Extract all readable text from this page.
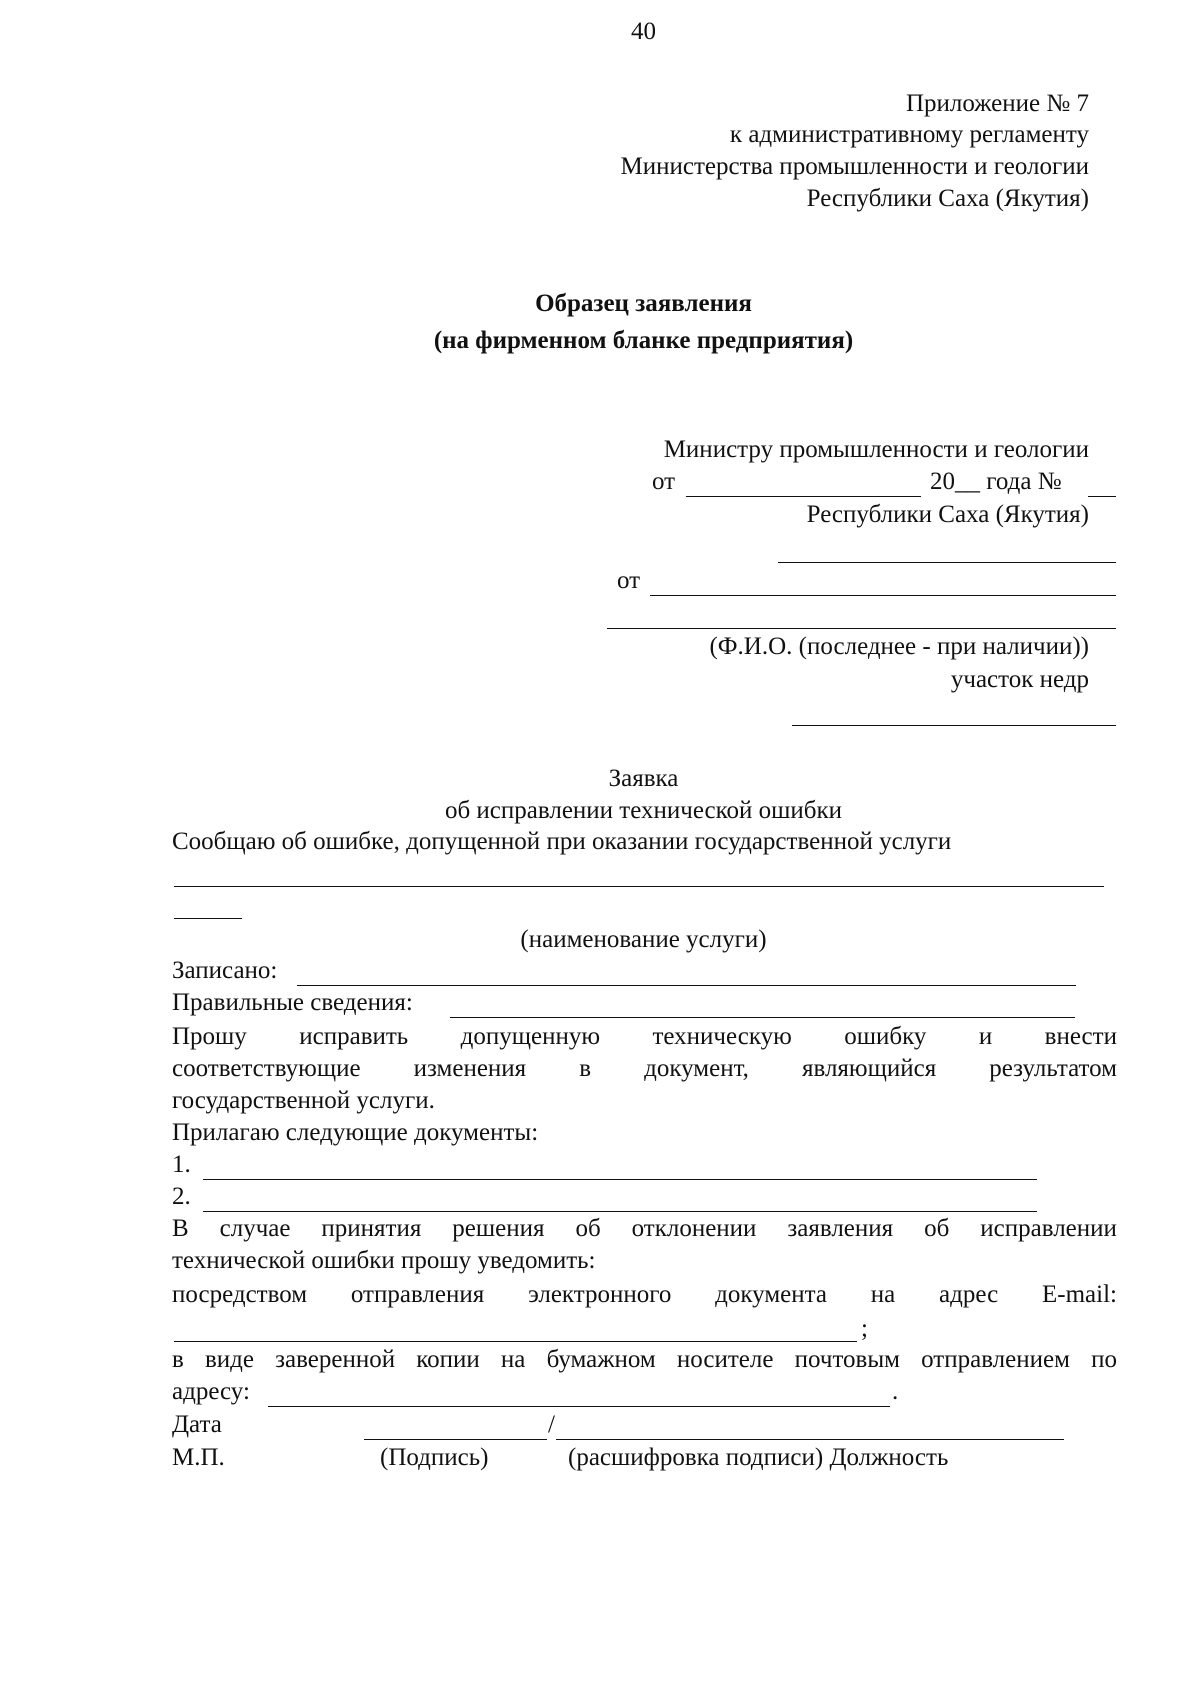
40
Приложение № 7
к административному регламенту
Министерства промышленности и геологии
Республики Саха (Якутия)
Образец заявления
(на фирменном бланке предприятия)
Министру промышленности и геологии
от	20__ года №
Республики Саха (Якутия)
от
(Ф.И.О. (последнее - при наличии))
участок недр
Заявка
об исправлении технической ошибки
Сообщаю об ошибке, допущенной при оказании государственной услуги
(наименование услуги)
Записано:
Правильные сведения:
Прошу исправить допущенную техническую ошибку и внести
соответствующие изменения в документ, являющийся результатом
государственной услуги.
Прилагаю следующие документы:
1.
2.
В случае принятия решения об отклонении заявления об исправлении
технической ошибки прошу уведомить:
посредством отправления электронного документа на адрес E-mail:
;
в виде заверенной копии на бумажном носителе почтовым отправлением по
адресу:	.
Дата	/
М.П.	(Подпись)	(расшифровка подписи) Должность
